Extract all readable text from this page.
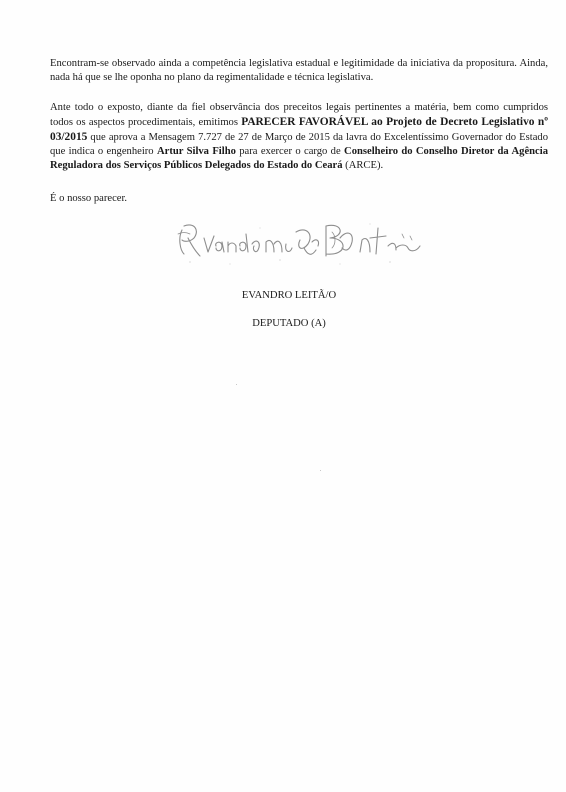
Encontram-se observado ainda a competência legislativa estadual e legitimidade da iniciativa da propositura. Ainda, nada há que se lhe oponha no plano da regimentalidade e técnica legislativa.

Ante todo o exposto, diante da fiel observância dos preceitos legais pertinentes a matéria, bem como cumpridos todos os aspectos procedimentais, emitimos PARECER FAVORÁVEL ao Projeto de Decreto Legislativo nº 03/2015 que aprova a Mensagem 7.727 de 27 de Março de 2015 da lavra do Excelentíssimo Governador do Estado que indica o engenheiro Artur Silva Filho para exercer o cargo de Conselheiro do Conselho Diretor da Agência Reguladora dos Serviços Públicos Delegados do Estado do Ceará (ARCE).

É o nosso parecer.

EVANDRO LEITÃ/O

DEPUTADO (A)
